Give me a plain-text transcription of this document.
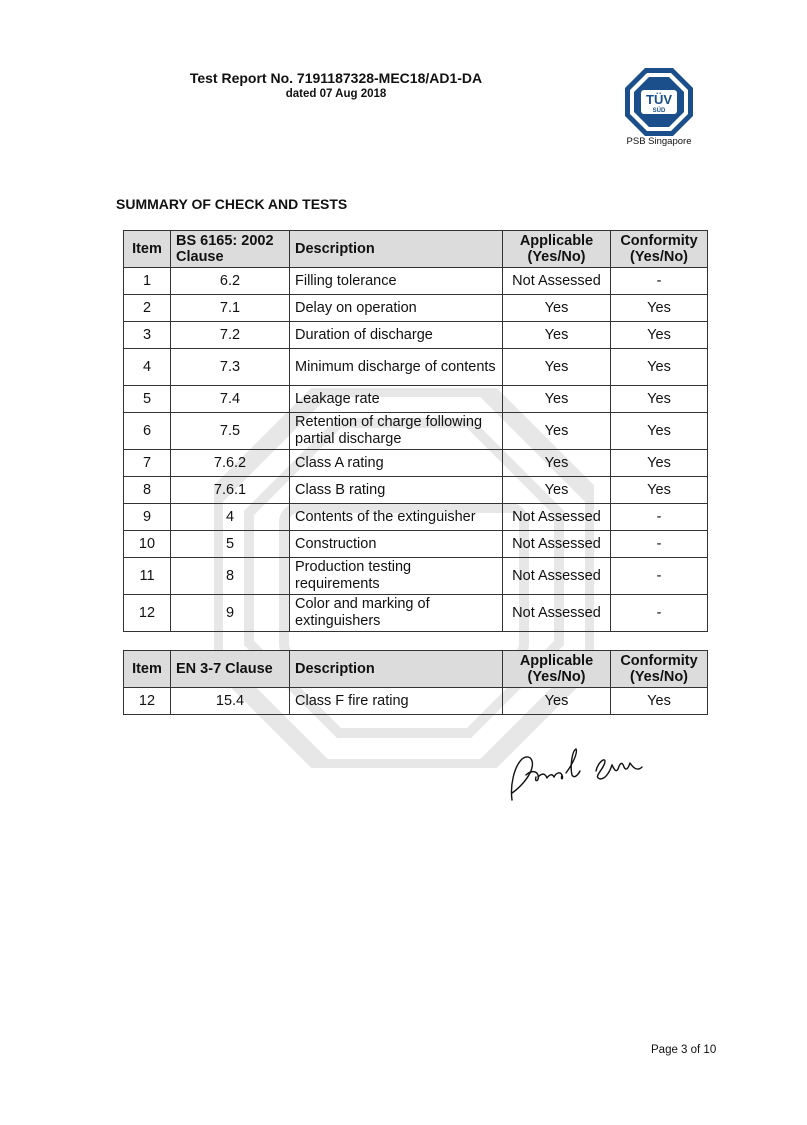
Test Report No. 7191187328-MEC18/AD1-DA
dated 07 Aug 2018	TÜV
SÜD
PSB Singapore
SUMMARY OF CHECK AND TESTS
Item	BS 6165: 2002 Clause	Description	Applicable (Yes/No)	Conformity (Yes/No)
1	6.2	Filling tolerance	Not Assessed	-
2	7.1	Delay on operation	Yes	Yes
3	7.2	Duration of discharge	Yes	Yes
4	7.3	Minimum discharge of contents	Yes	Yes
5	7.4	Leakage rate	Yes	Yes
6	7.5	Retention of charge following partial discharge	Yes	Yes
7	7.6.2	Class A rating	Yes	Yes
8	7.6.1	Class B rating	Yes	Yes
9	4	Contents of the extinguisher	Not Assessed	-
10	5	Construction	Not Assessed	-
11	8	Production testing requirements	Not Assessed	-
12	9	Color and marking of extinguishers	Not Assessed	-
Item	EN 3-7 Clause	Description	Applicable (Yes/No)	Conformity (Yes/No)
12	15.4	Class F fire rating	Yes	Yes
Page 3 of 10
